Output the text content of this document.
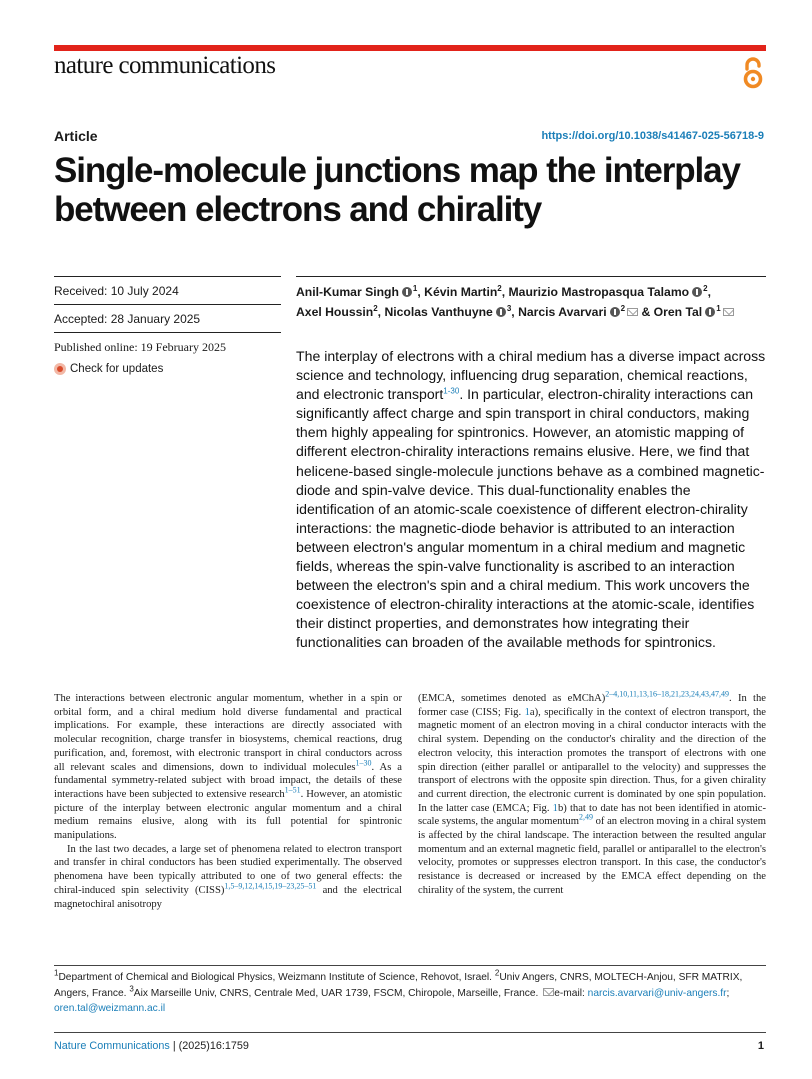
nature communications
Article	https://doi.org/10.1038/s41467-025-56718-9
Single-molecule junctions map the interplay between electrons and chirality
Received: 10 July 2024
Accepted: 28 January 2025
Published online: 19 February 2025
Check for updates
Anil-Kumar Singh $^1$, Kévin Martin$^2$, Maurizio Mastropasqua Talamo $^2$,
Axel Houssin$^2$, Nicolas Vanthuyne $^3$, Narcis Avarvari $^2$ & Oren Tal $^1$
The interplay of electrons with a chiral medium has a diverse impact across science and technology, influencing drug separation, chemical reactions, and electronic transport$^{1-30}$. In particular, electron-chirality interactions can significantly affect charge and spin transport in chiral conductors, making them highly appealing for spintronics. However, an atomistic mapping of different electron-chirality interactions remains elusive. Here, we find that helicene-based single-molecule junctions behave as a combined magnetic-diode and spin-valve device. This dual-functionality enables the identification of an atomic-scale coexistence of different electron-chirality interactions: the magnetic-diode behavior is attributed to an interaction between electron's angular momentum in a chiral medium and magnetic fields, whereas the spin-valve functionality is ascribed to an interaction between the electron's spin and a chiral medium. This work uncovers the coexistence of electron-chirality interactions at the atomic-scale, identifies their distinct properties, and demonstrates how integrating their functionalities can broaden of the available methods for spintronics.

The interactions between electronic angular momentum, whether in a spin or orbital form, and a chiral medium hold diverse fundamental and practical implications. For example, these interactions are directly associated with molecular recognition, charge transfer in biosystems, chemical reactions, drug purification, and, foremost, with electronic transport in chiral conductors across all relevant scales and dimensions, down to individual molecules$^{1-30}$. As a fundamental symmetry-related subject with broad impact, the details of these interactions have been subjected to extensive research$^{1-51}$. However, an atomistic picture of the interplay between electronic angular momentum and a chiral medium remains elusive, along with its full potential for spintronic manipulations.

In the last two decades, a large set of phenomena related to electron transport and transfer in chiral conductors has been studied experimentally. The observed phenomena have been typically attributed to one of two general effects: the chiral-induced spin selectivity (CISS)$^{1,5-9,12,14,15,19-23,25-51}$ and the electrical magnetochiral anisotropy

(EMCA, sometimes denoted as eMChA)$^{2-4,10,11,13,16-18,21,23,24,43,47,49}$. In the former case (CISS; Fig. 1a), specifically in the context of electron transport, the magnetic moment of an electron moving in a chiral conductor interacts with the chiral system. Depending on the conductor's chirality and the direction of the electron velocity, this interaction promotes the transport of electrons with one spin direction (either parallel or antiparallel to the velocity) and suppresses the transport of electrons with the opposite spin direction. Thus, for a given chirality and current direction, the electronic current is dominated by one spin population. In the latter case (EMCA; Fig. 1b) that to date has not been identified in atomic-scale systems, the angular momentum$^{2,49}$ of an electron moving in a chiral system is affected by the chiral landscape. The interaction between the resulted angular momentum and an external magnetic field, parallel or antiparallel to the electron's velocity, promotes or suppresses electron transport. In this case, the conductor's resistance is decreased or increased by the EMCA effect depending on the chirality of the system, the current

$^1$Department of Chemical and Biological Physics, Weizmann Institute of Science, Rehovot, Israel. $^2$Univ Angers, CNRS, MOLTECH-Anjou, SFR MATRIX, Angers, France. $^3$Aix Marseille Univ, CNRS, Centrale Med, UAR 1739, FSCM, Chiropole, Marseille, France. e-mail: narcis.avarvari@univ-angers.fr; oren.tal@weizmann.ac.il
Nature Communications | (2025)16:1759	1
